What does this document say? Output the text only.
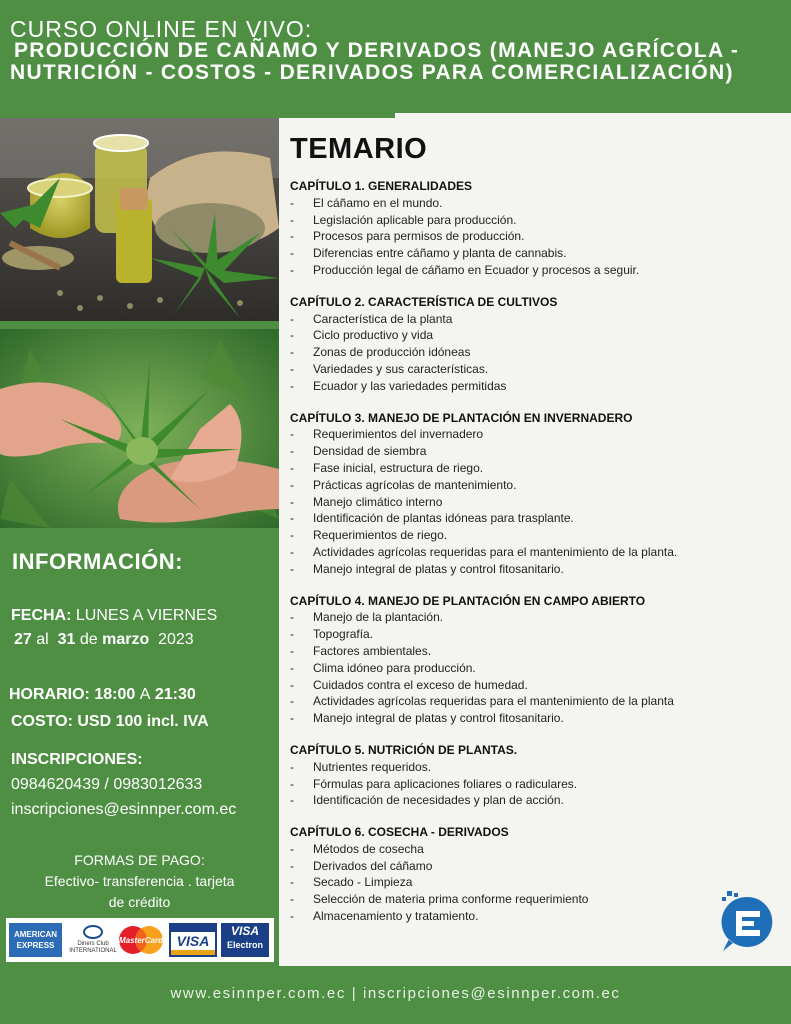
CURSO ONLINE EN VIVO:
PRODUCCIÓN DE CAÑAMO Y DERIVADOS (MANEJO AGRÍCOLA -
NUTRICIÓN - COSTOS - DERIVADOS PARA COMERCIALIZACIÓN)
TEMARIO
CAPÍTULO 1. GENERALIDADES
- El cáñamo en el mundo.
- Legislación aplicable para producción.
- Procesos para permisos de producción.
- Diferencias entre cáñamo y planta de cannabis.
- Producción legal de cáñamo en Ecuador y procesos a seguir.
CAPÍTULO 2. CARACTERÍSTICA DE CULTIVOS
- Característica de la planta
- Ciclo productivo y vida
- Zonas de producción idóneas
- Variedades y sus características.
- Ecuador y las variedades permitidas
CAPÍTULO 3. MANEJO DE PLANTACIÓN EN INVERNADERO
- Requerimientos del invernadero
- Densidad de siembra
- Fase inicial, estructura de riego.
- Prácticas agrícolas de mantenimiento.
- Manejo climático interno
- Identificación de plantas idóneas para trasplante.
- Requerimientos de riego.
- Actividades agrícolas requeridas para el mantenimiento de la planta.
- Manejo integral de platas y control fitosanitario.
CAPÍTULO 4. MANEJO DE PLANTACIÓN EN CAMPO ABIERTO
- Manejo de la plantación.
- Topografía.
- Factores ambientales.
- Clima idóneo para producción.
- Cuidados contra el exceso de humedad.
- Actividades agrícolas requeridas para el mantenimiento de la planta
- Manejo integral de platas y control fitosanitario.
CAPÍTULO 5. NUTRiCIÓN DE PLANTAS.
- Nutrientes requeridos.
- Fórmulas para aplicaciones foliares o radiculares.
- Identificación de necesidades y plan de acción.
CAPÍTULO 6. COSECHA - DERIVADOS
- Métodos de cosecha
- Derivados del cáñamo
- Secado - Limpieza
- Selección de materia prima conforme requerimiento
- Almacenamiento y tratamiento.
INFORMACIÓN:
FECHA: LUNES A VIERNES
27 al 31 de marzo 2023
HORARIO: 18:00 A 21:30
COSTO: USD 100 incl. IVA
INSCRIPCIONES:
0984620439 / 0983012633
inscripciones@esinnper.com.ec
FORMAS DE PAGO:
Efectivo- transferencia . tarjeta
de crédito
AMERICAN
EXPRESS	Diners Club
INTERNATIONAL
MasterCard VISA
VISA
Electron
www.esinnper.com.ec | inscripciones@esinnper.com.ec
